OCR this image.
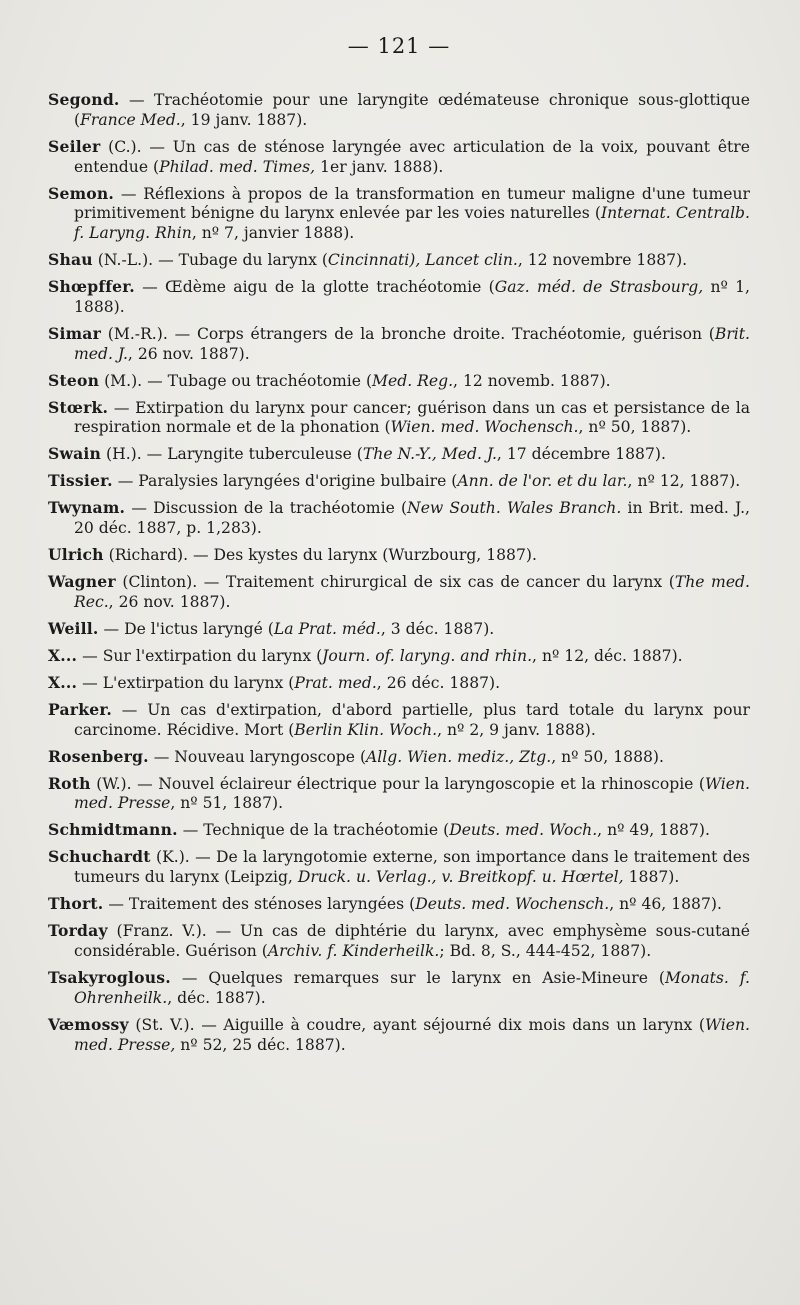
— 121 —

Segond. — Trachéotomie pour une laryngite œdémateuse chronique sous-glottique (France Med., 19 janv. 1887).

Seiler (C.). — Un cas de sténose laryngée avec articulation de la voix, pouvant être entendue (Philad. med. Times, 1er janv. 1888).

Semon. — Réflexions à propos de la transformation en tumeur maligne d'une tumeur primitivement bénigne du larynx enlevée par les voies naturelles (Internat. Centralb. f. Laryng. Rhin, nº 7, janvier 1888).

Shau (N.-L.). — Tubage du larynx (Cincinnati), Lancet clin., 12 novembre 1887).

Shœpffer. — Œdème aigu de la glotte trachéotomie (Gaz. méd. de Strasbourg, nº 1, 1888).

Simar (M.-R.). — Corps étrangers de la bronche droite. Trachéotomie, guérison (Brit. med. J., 26 nov. 1887).

Steon (M.). — Tubage ou trachéotomie (Med. Reg., 12 novemb. 1887).

Stœrk. — Extirpation du larynx pour cancer; guérison dans un cas et persistance de la respiration normale et de la phonation (Wien. med. Wochensch., nº 50, 1887).

Swain (H.). — Laryngite tuberculeuse (The N.-Y., Med. J., 17 décembre 1887).

Tissier. — Paralysies laryngées d'origine bulbaire (Ann. de l'or. et du lar., nº 12, 1887).

Twynam. — Discussion de la trachéotomie (New South. Wales Branch. in Brit. med. J., 20 déc. 1887, p. 1,283).

Ulrich (Richard). — Des kystes du larynx (Wurzbourg, 1887).

Wagner (Clinton). — Traitement chirurgical de six cas de cancer du larynx (The med. Rec., 26 nov. 1887).

Weill. — De l'ictus laryngé (La Prat. méd., 3 déc. 1887).

X... — Sur l'extirpation du larynx (Journ. of. laryng. and rhin., nº 12, déc. 1887).

X... — L'extirpation du larynx (Prat. med., 26 déc. 1887).

Parker. — Un cas d'extirpation, d'abord partielle, plus tard totale du larynx pour carcinome. Récidive. Mort (Berlin Klin. Woch., nº 2, 9 janv. 1888).

Rosenberg. — Nouveau laryngoscope (Allg. Wien. mediz., Ztg., nº 50, 1888).

Roth (W.). — Nouvel éclaireur électrique pour la laryngoscopie et la rhinoscopie (Wien. med. Presse, nº 51, 1887).

Schmidtmann. — Technique de la trachéotomie (Deuts. med. Woch., nº 49, 1887).

Schuchardt (K.). — De la laryngotomie externe, son importance dans le traitement des tumeurs du larynx (Leipzig, Druck. u. Verlag., v. Breitkopf. u. Hœrtel, 1887).

Thort. — Traitement des sténoses laryngées (Deuts. med. Wochensch., nº 46, 1887).

Torday (Franz. V.). — Un cas de diphtérie du larynx, avec emphysème sous-cutané considérable. Guérison (Archiv. f. Kinderheilk.; Bd. 8, S., 444-452, 1887).

Tsakyroglous. — Quelques remarques sur le larynx en Asie-Mineure (Monats. f. Ohrenheilk., déc. 1887).

Væmossy (St. V.). — Aiguille à coudre, ayant séjourné dix mois dans un larynx (Wien. med. Presse, nº 52, 25 déc. 1887).
